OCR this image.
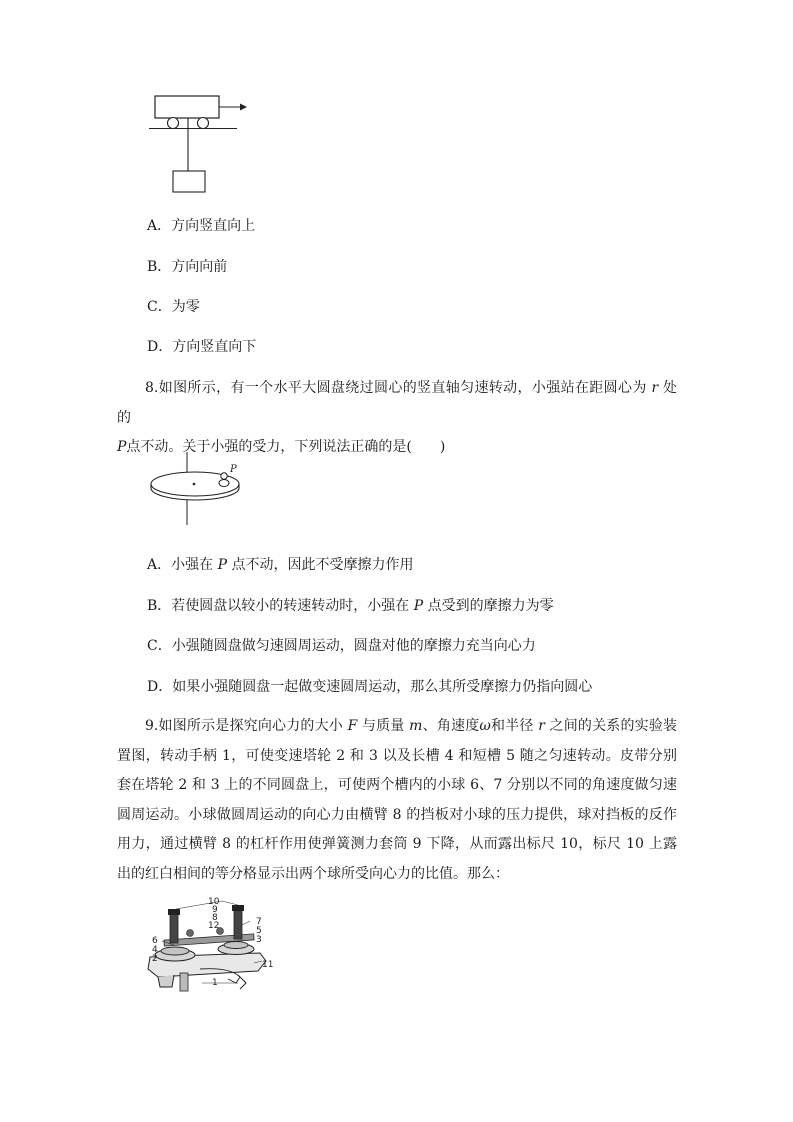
A．方向竖直向上
B．方向向前
C．为零
D．方向竖直向下
8.如图所示，有一个水平大圆盘绕过圆心的竖直轴匀速转动，小强站在距圆心为 r 处的
P点不动。关于小强的受力，下列说法正确的是(　　)
P
A．小强在 P 点不动，因此不受摩擦力作用
B．若使圆盘以较小的转速转动时，小强在 P 点受到的摩擦力为零
C．小强随圆盘做匀速圆周运动，圆盘对他的摩擦力充当向心力
D．如果小强随圆盘一起做变速圆周运动，那么其所受摩擦力仍指向圆心
9.如图所示是探究向心力的大小 F 与质量 m、角速度ω和半径 r 之间的关系的实验装置图，转动手柄 1，可使变速塔轮 2 和 3 以及长槽 4 和短槽 5 随之匀速转动。皮带分别套在塔轮 2 和 3 上的不同圆盘上，可使两个槽内的小球 6、7 分别以不同的角速度做匀速圆周运动。小球做圆周运动的向心力由横臂 8 的挡板对小球的压力提供，球对挡板的反作用力，通过横臂 8 的杠杆作用使弹簧测力套筒 9 下降，从而露出标尺 10，标尺 10 上露出的红白相间的等分格显示出两个球所受向心力的比值。那么：
10 9 8 12 6 4 2 7 5 3 11 1
